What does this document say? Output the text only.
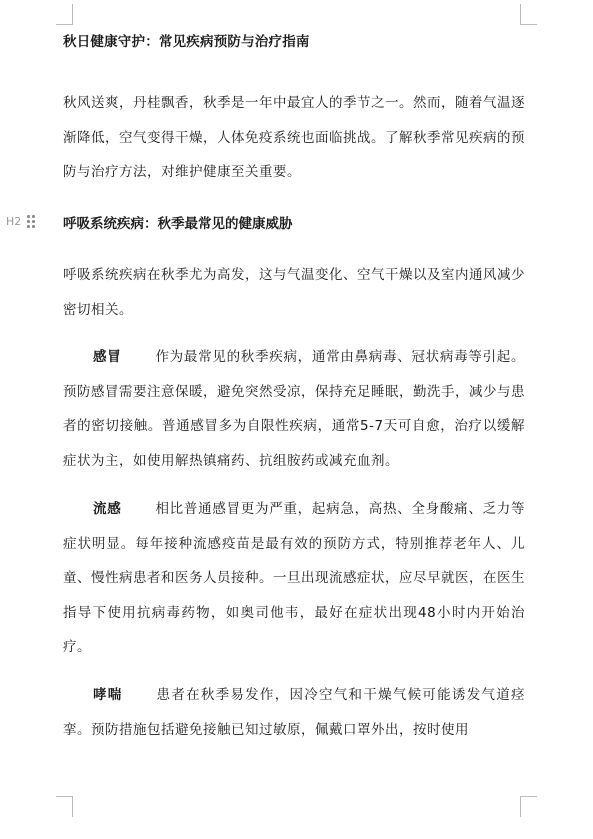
秋日健康守护：常见疾病预防与治疗指南
秋风送爽，丹桂飘香，秋季是一年中最宜人的季节之一。然而，随着气温逐渐降低，空气变得干燥，人体免疫系统也面临挑战。了解秋季常见疾病的预防与治疗方法，对维护健康至关重要。
H2	呼吸系统疾病：秋季最常见的健康威胁
呼吸系统疾病在秋季尤为高发，这与气温变化、空气干燥以及室内通风减少密切相关。
感冒	作为最常见的秋季疾病，通常由鼻病毒、冠状病毒等引起。预防感冒需要注意保暖，避免突然受凉，保持充足睡眠，勤洗手，减少与患者的密切接触。普通感冒多为自限性疾病，通常5-7天可自愈，治疗以缓解症状为主，如使用解热镇痛药、抗组胺药或减充血剂。
流感	相比普通感冒更为严重，起病急，高热、全身酸痛、乏力等症状明显。每年接种流感疫苗是最有效的预防方式，特别推荐老年人、儿童、慢性病患者和医务人员接种。一旦出现流感症状，应尽早就医，在医生指导下使用抗病毒药物，如奥司他韦，最好在症状出现48小时内开始治疗。
哮喘	患者在秋季易发作，因冷空气和干燥气候可能诱发气道痉挛。预防措施包括避免接触已知过敏原，佩戴口罩外出，按时使用
